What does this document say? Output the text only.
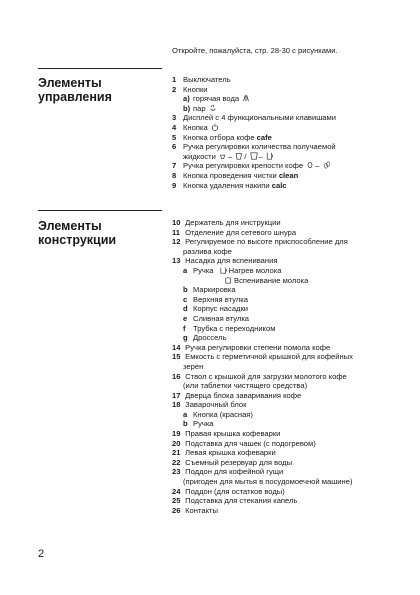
Откройте, пожалуйста, стр. 28-30 с рисунками.
Элементы
управления
1 Выключатель
2 Кнопки
a) горячая вода
b) пар
3 Дисплей с 4 функциональными клавишами
4 Кнопка
5 Кнопка отбора кофе cafe
6 Ручка регулировки количества получаемой
жидкости – / –
7 Ручка регулировки крепости кофе –
8 Кнопка проведения чистки clean
9 Кнопка удаления накипи calc
Элементы
конструкции
10 Держатель для инструкции
11 Отделение для сетевого шнура
12 Регулируемое по высоте приспособление для
разлива кофе
13 Насадка для вспенивания
a Ручка Нагрев молока
Вспенивание молока
b Маркировка
c Верхняя втулка
d Корпус насадки
e Сливная втулка
f Трубка с переходником
g Дроссель
14 Ручка регулировки степени помола кофе
15 Емкость с герметичной крышкой для кофейных
зерен
16 Ствол с крышкой для загрузки молотого кофе
(или таблетки чистящего средства)
17 Дверца блока заваривания кофе
18 Заварочный блок
a Кнопка (красная)
b Ручка
19 Правая крышка кофеварки
20 Подставка для чашек (с подогревом)
21 Левая крышка кофеварки
22 Съемный резервуар для воды
23 Поддон для кофейной гущи
(пригоден для мытья в посудомоечной машине)
24 Поддон (для остатков воды)
25 Подставка для стекания капель
26 Контакты
2
